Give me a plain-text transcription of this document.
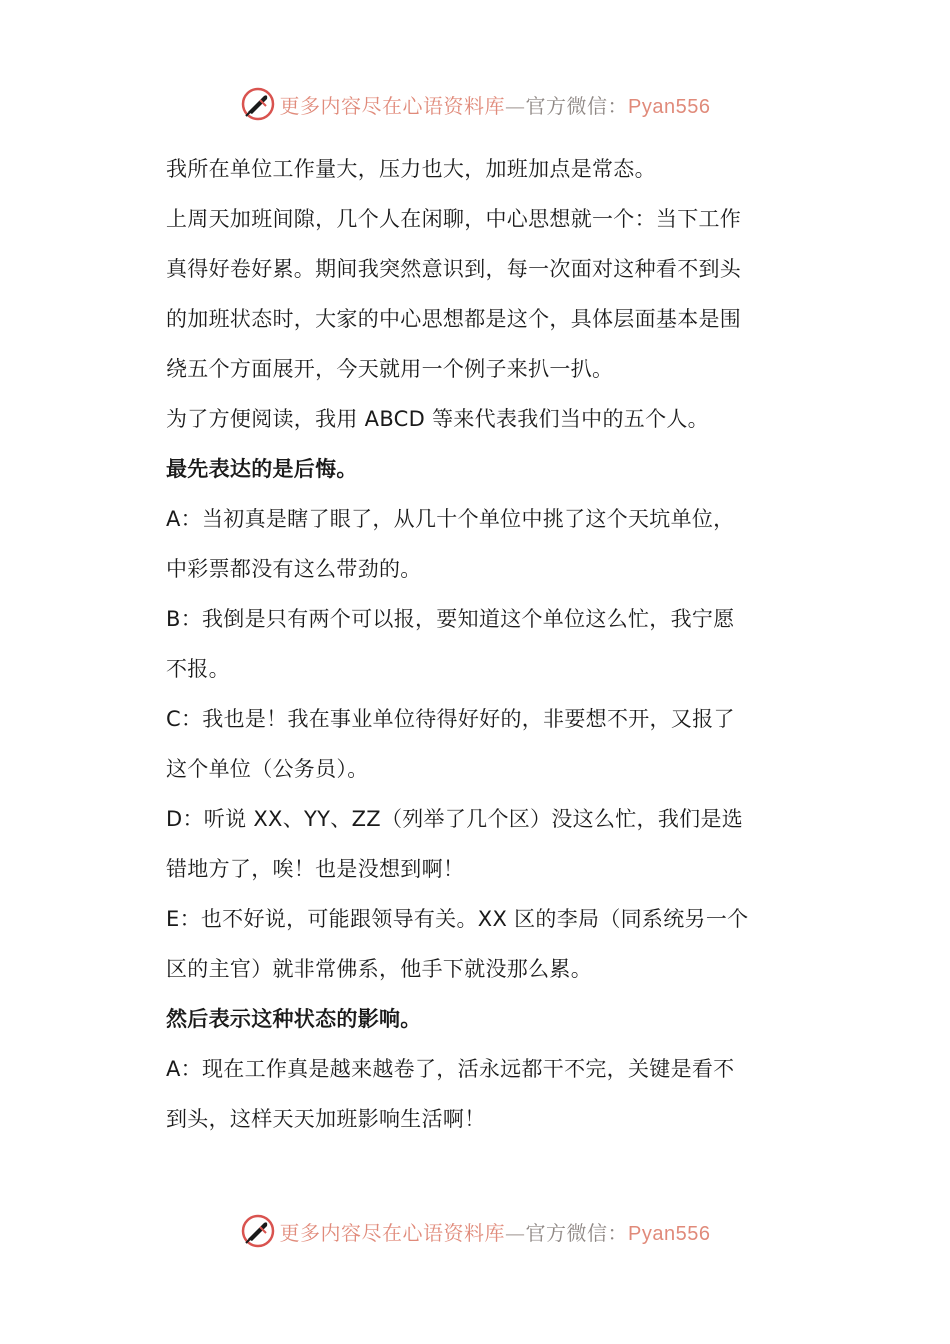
更多内容尽在心语资料库—官方微信：Pyan556
我所在单位工作量大，压力也大，加班加点是常态。
上周天加班间隙，几个人在闲聊，中心思想就一个：当下工作
真得好卷好累。期间我突然意识到，每一次面对这种看不到头
的加班状态时，大家的中心思想都是这个，具体层面基本是围
绕五个方面展开，今天就用一个例子来扒一扒。
为了方便阅读，我用 ABCD 等来代表我们当中的五个人。
最先表达的是后悔。
A：当初真是瞎了眼了，从几十个单位中挑了这个天坑单位，
中彩票都没有这么带劲的。
B：我倒是只有两个可以报，要知道这个单位这么忙，我宁愿
不报。
C：我也是！我在事业单位待得好好的，非要想不开，又报了
这个单位（公务员）。
D：听说 XX、YY、ZZ（列举了几个区）没这么忙，我们是选
错地方了，唉！也是没想到啊！
E：也不好说，可能跟领导有关。XX 区的李局（同系统另一个
区的主官）就非常佛系，他手下就没那么累。
然后表示这种状态的影响。
A：现在工作真是越来越卷了，活永远都干不完，关键是看不
到头，这样天天加班影响生活啊！
更多内容尽在心语资料库—官方微信：Pyan556
